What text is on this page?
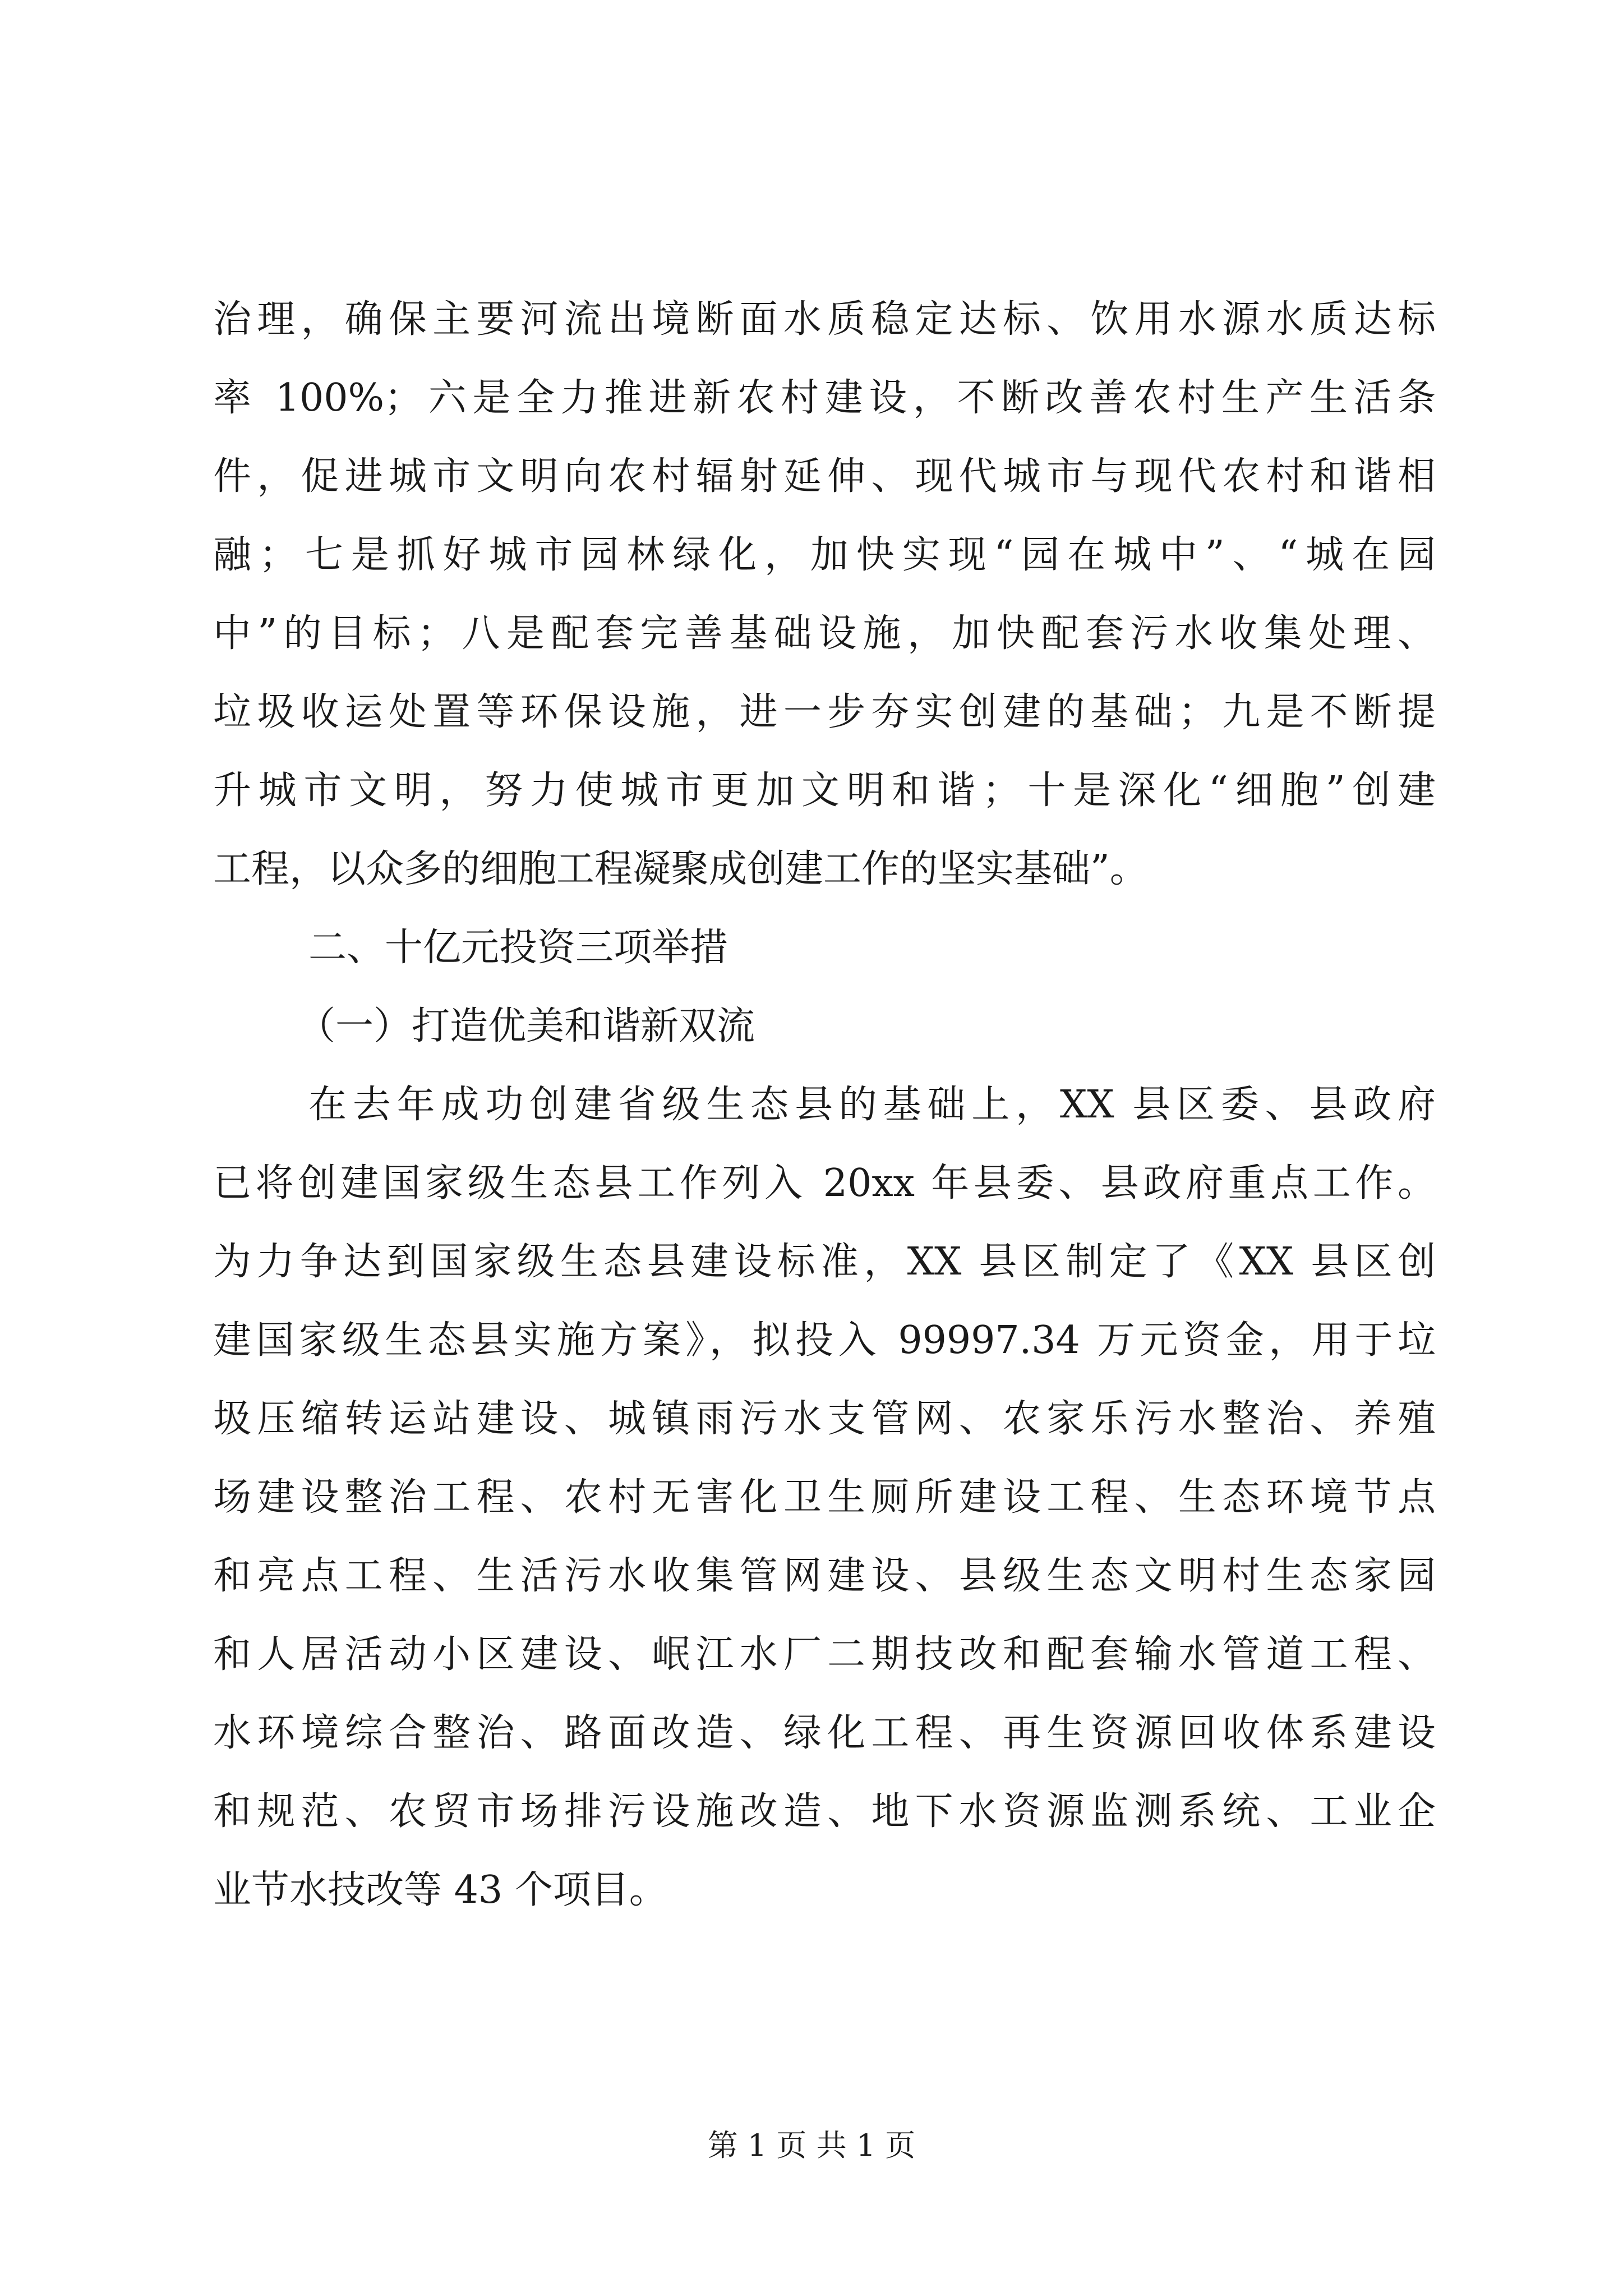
治理，确保主要河流出境断面水质稳定达标、饮用水源水质达标
率 100%；六是全力推进新农村建设，不断改善农村生产生活条
件，促进城市文明向农村辐射延伸、现代城市与现代农村和谐相
融；七是抓好城市园林绿化，加快实现“园在城中”、“城在园
中”的目标；八是配套完善基础设施，加快配套污水收集处理、
垃圾收运处置等环保设施，进一步夯实创建的基础；九是不断提
升城市文明，努力使城市更加文明和谐；十是深化“细胞”创建
工程，以众多的细胞工程凝聚成创建工作的坚实基础”。
二、十亿元投资三项举措
（一）打造优美和谐新双流
在去年成功创建省级生态县的基础上，XX 县区委、县政府
已将创建国家级生态县工作列入 20xx 年县委、县政府重点工作。
为力争达到国家级生态县建设标准，XX 县区制定了《XX 县区创
建国家级生态县实施方案》，拟投入 99997.34 万元资金，用于垃
圾压缩转运站建设、城镇雨污水支管网、农家乐污水整治、养殖
场建设整治工程、农村无害化卫生厕所建设工程、生态环境节点
和亮点工程、生活污水收集管网建设、县级生态文明村生态家园
和人居活动小区建设、岷江水厂二期技改和配套输水管道工程、
水环境综合整治、路面改造、绿化工程、再生资源回收体系建设
和规范、农贸市场排污设施改造、地下水资源监测系统、工业企
业节水技改等 43 个项目。
第 1 页 共 1 页
